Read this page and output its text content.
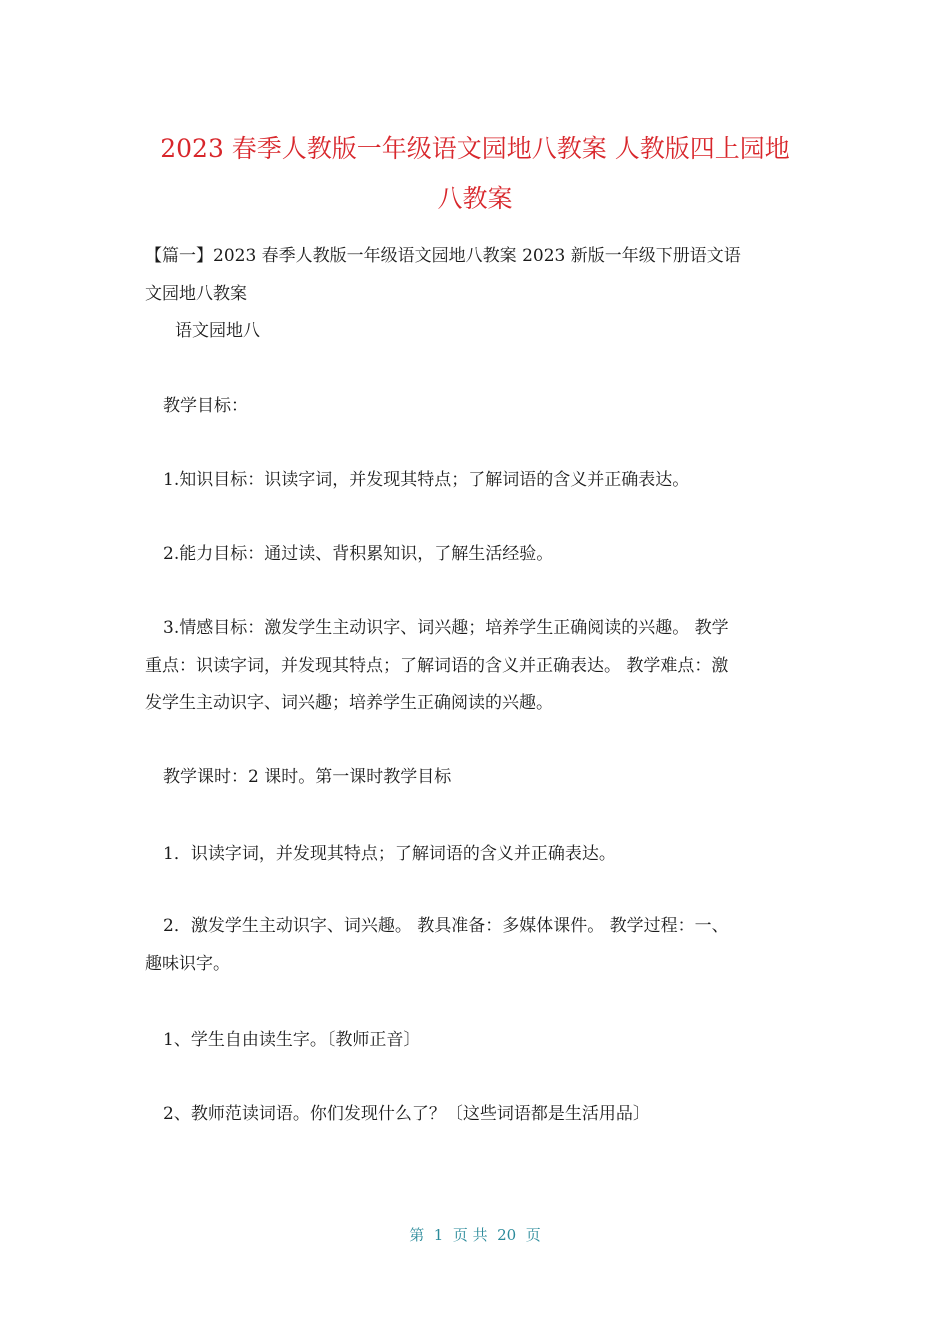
2023 春季人教版一年级语文园地八教案 人教版四上园地
八教案
【篇一】2023 春季人教版一年级语文园地八教案 2023 新版一年级下册语文语
文园地八教案
语文园地八
教学目标：
1.知识目标：识读字词，并发现其特点；了解词语的含义并正确表达。
2.能力目标：通过读、背积累知识，了解生活经验。
3.情感目标：激发学生主动识字、词兴趣；培养学生正确阅读的兴趣。 教学
重点：识读字词，并发现其特点；了解词语的含义并正确表达。 教学难点：激
发学生主动识字、词兴趣；培养学生正确阅读的兴趣。
教学课时：2 课时。第一课时教学目标
1．识读字词，并发现其特点；了解词语的含义并正确表达。
2．激发学生主动识字、词兴趣。 教具准备：多媒体课件。 教学过程：一、
趣味识字。
1、学生自由读生字。〔教师正音〕
2、教师范读词语。你们发现什么了？〔这些词语都是生活用品〕
第  1  页 共  20  页
